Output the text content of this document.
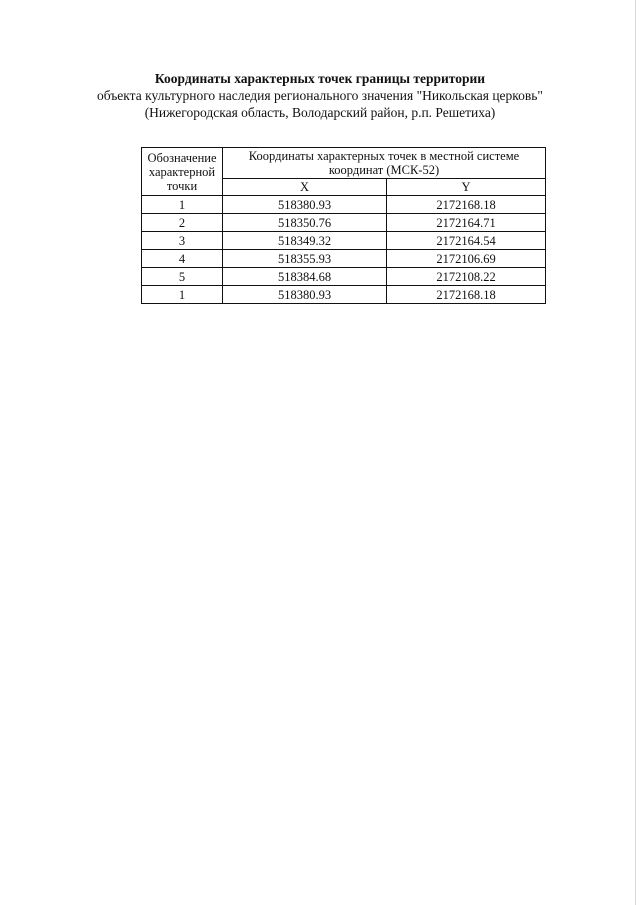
Координаты характерных точек границы территории
объекта культурного наследия регионального значения "Никольская церковь"
(Нижегородская область, Володарский район, р.п. Решетиха)
Обозначение характерной точки	Координаты характерных точек в местной системе координат (МСК-52)	
	X	Y
1	518380.93	2172168.18
2	518350.76	2172164.71
3	518349.32	2172164.54
4	518355.93	2172106.69
5	518384.68	2172108.22
1	518380.93	2172168.18
